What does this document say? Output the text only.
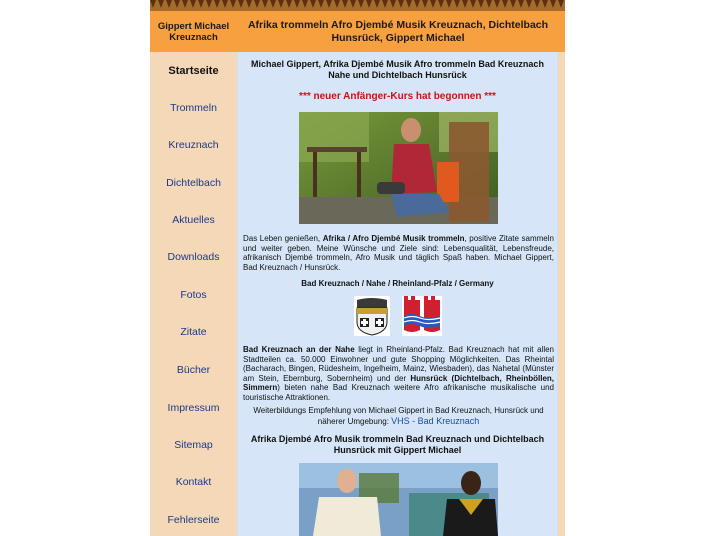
Gippert Michael Kreuznach
Afrika trommeln Afro Djembé Musik Kreuznach, Dichtelbach Hunsrück, Gippert Michael
Startseite
Trommeln
Kreuznach
Dichtelbach
Aktuelles
Downloads
Fotos
Zitate
Bücher
Impressum
Sitemap
Kontakt
Fehlerseite

Michael Gippert, Afrika Djembé Musik Afro trommeln Bad Kreuznach Nahe und Dichtelbach Hunsrück

*** neuer Anfänger-Kurs hat begonnen ***
Das Leben genießen, Afrika / Afro Djembé Musik trommeln, positive Zitate sammeln und weiter geben. Meine Wünsche und Ziele sind: Lebensqualität, Lebensfreude, afrikanisch Djembé trommeln, Afro Musik und täglich Spaß haben. Michael Gippert, Bad Kreuznach / Hunsrück.
Bad Kreuznach / Nahe / Rheinland-Pfalz / Germany
Bad Kreuznach an der Nahe liegt in Rheinland-Pfalz. Bad Kreuznach hat mit allen Stadtteilen ca. 50.000 Einwohner und gute Shopping Möglichkeiten. Das Rheintal (Bacharach, Bingen, Rüdesheim, Ingelheim, Mainz, Wiesbaden), das Nahetal (Münster am Stein, Ebernburg, Sobernheim) und der Hunsrück (Dichtelbach, Rheinböllen, Simmern) bieten nahe Bad Kreuznach weitere Afro afrikanische musikalische und touristische Attraktionen.
Weiterbildungs Empfehlung von Michael Gippert in Bad Kreuznach, Hunsrück und näherer Umgebung: VHS - Bad Kreuznach

Afrika Djembé Afro Musik trommeln Bad Kreuznach und Dichtelbach Hunsrück mit Gippert Michael
